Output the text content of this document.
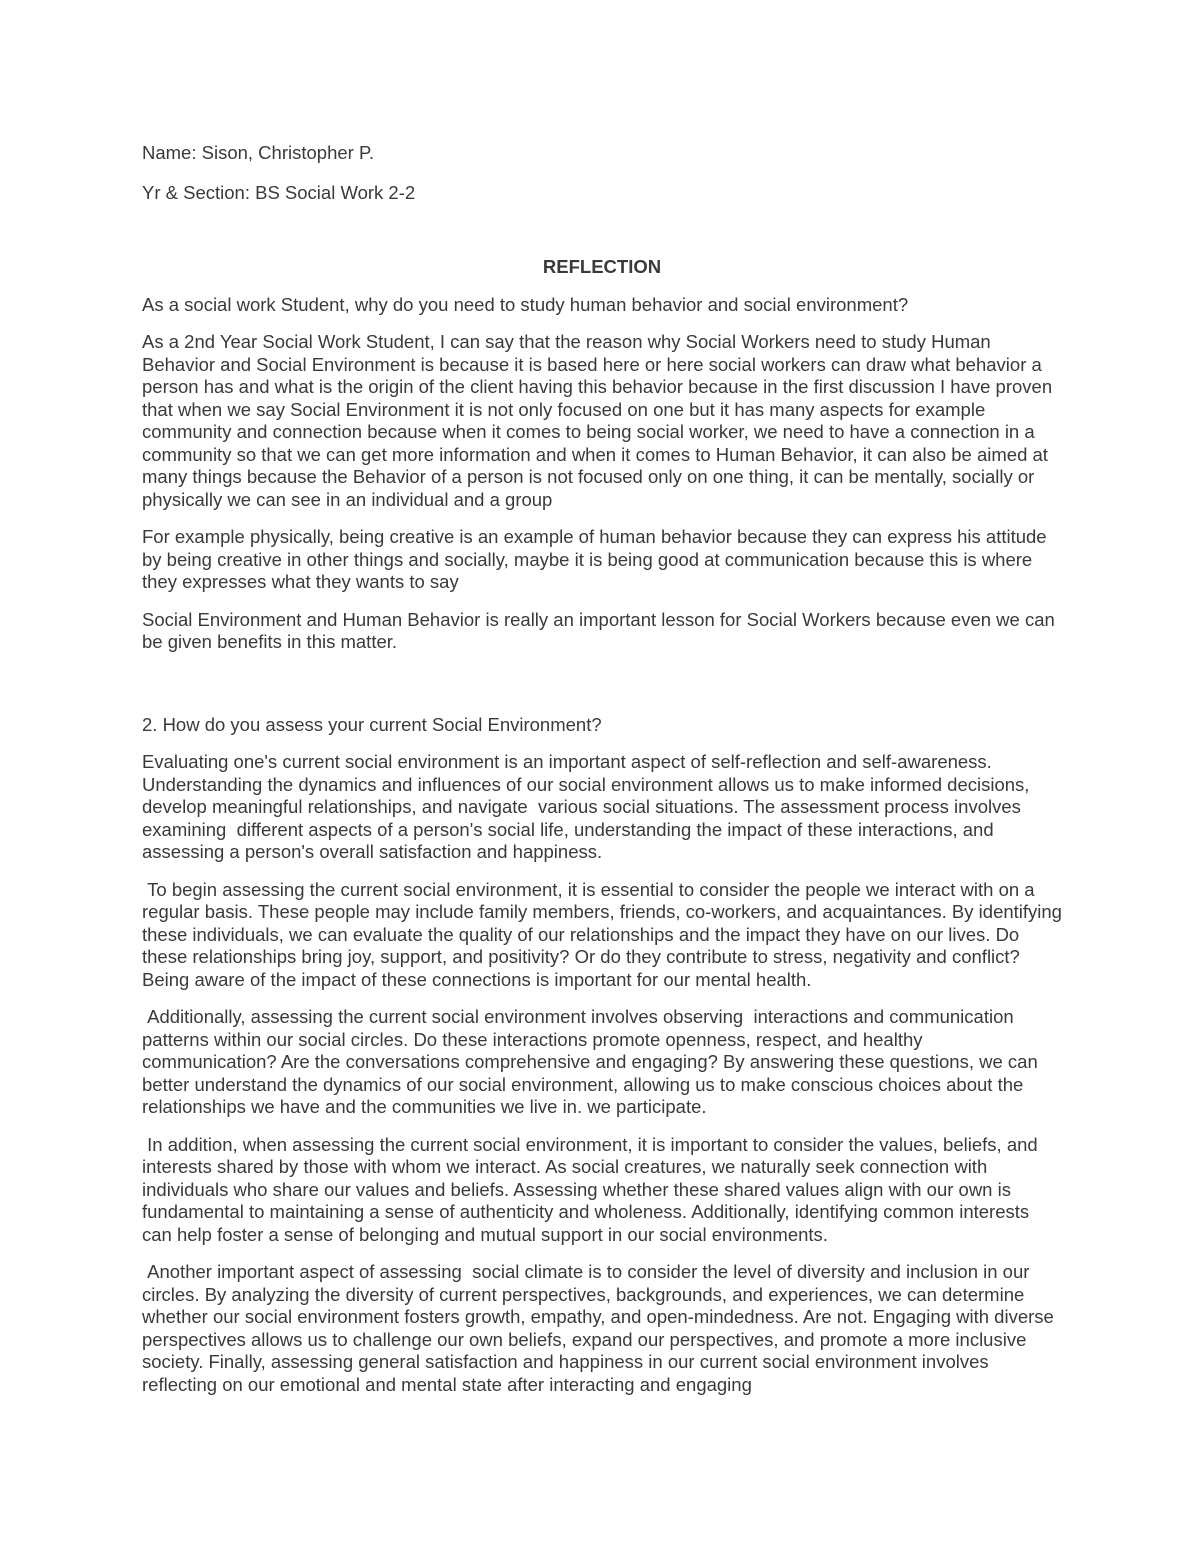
Name: Sison, Christopher P.

Yr & Section: BS Social Work 2-2

REFLECTION

As a social work Student, why do you need to study human behavior and social environment?

As a 2nd Year Social Work Student, I can say that the reason why Social Workers need to study Human Behavior and Social Environment is because it is based here or here social workers can draw what behavior a person has and what is the origin of the client having this behavior because in the first discussion I have proven that when we say Social Environment it is not only focused on one but it has many aspects for example community and connection because when it comes to being social worker, we need to have a connection in a community so that we can get more information and when it comes to Human Behavior, it can also be aimed at many things because the Behavior of a person is not focused only on one thing, it can be mentally, socially or physically we can see in an individual and a group

For example physically, being creative is an example of human behavior because they can express his attitude by being creative in other things and socially, maybe it is being good at communication because this is where they expresses what they wants to say

Social Environment and Human Behavior is really an important lesson for Social Workers because even we can be given benefits in this matter.

2. How do you assess your current Social Environment?

Evaluating one's current social environment is an important aspect of self-reflection and self-awareness. Understanding the dynamics and influences of our social environment allows us to make informed decisions, develop meaningful relationships, and navigate  various social situations. The assessment process involves examining  different aspects of a person's social life, understanding the impact of these interactions, and assessing a person's overall satisfaction and happiness.

To begin assessing the current social environment, it is essential to consider the people we interact with on a regular basis. These people may include family members, friends, co-workers, and acquaintances. By identifying these individuals, we can evaluate the quality of our relationships and the impact they have on our lives. Do these relationships bring joy, support, and positivity? Or do they contribute to stress, negativity and conflict? Being aware of the impact of these connections is important for our mental health.

Additionally, assessing the current social environment involves observing  interactions and communication patterns within our social circles. Do these interactions promote openness, respect, and healthy communication? Are the conversations comprehensive and engaging? By answering these questions, we can  better understand the dynamics of our social environment, allowing us to make conscious choices about the relationships we have and the communities we live in. we participate.

In addition, when assessing the current social environment, it is important to consider the values, beliefs, and interests shared by those with whom we interact. As social creatures, we naturally seek connection with individuals who share our values and beliefs. Assessing whether these shared values align with our own is fundamental to maintaining a sense of authenticity and wholeness. Additionally, identifying common interests can help foster a sense of belonging and mutual support in our social environments.

Another important aspect of assessing  social climate is to consider the level of diversity and inclusion in our circles. By analyzing the diversity of current perspectives, backgrounds, and experiences, we can determine whether our social environment fosters growth, empathy, and open-mindedness. Are not. Engaging with diverse perspectives allows us to challenge our own beliefs, expand our perspectives, and promote a more inclusive society. Finally, assessing general satisfaction and happiness in our current social environment involves reflecting on our emotional and mental state after interacting and engaging
